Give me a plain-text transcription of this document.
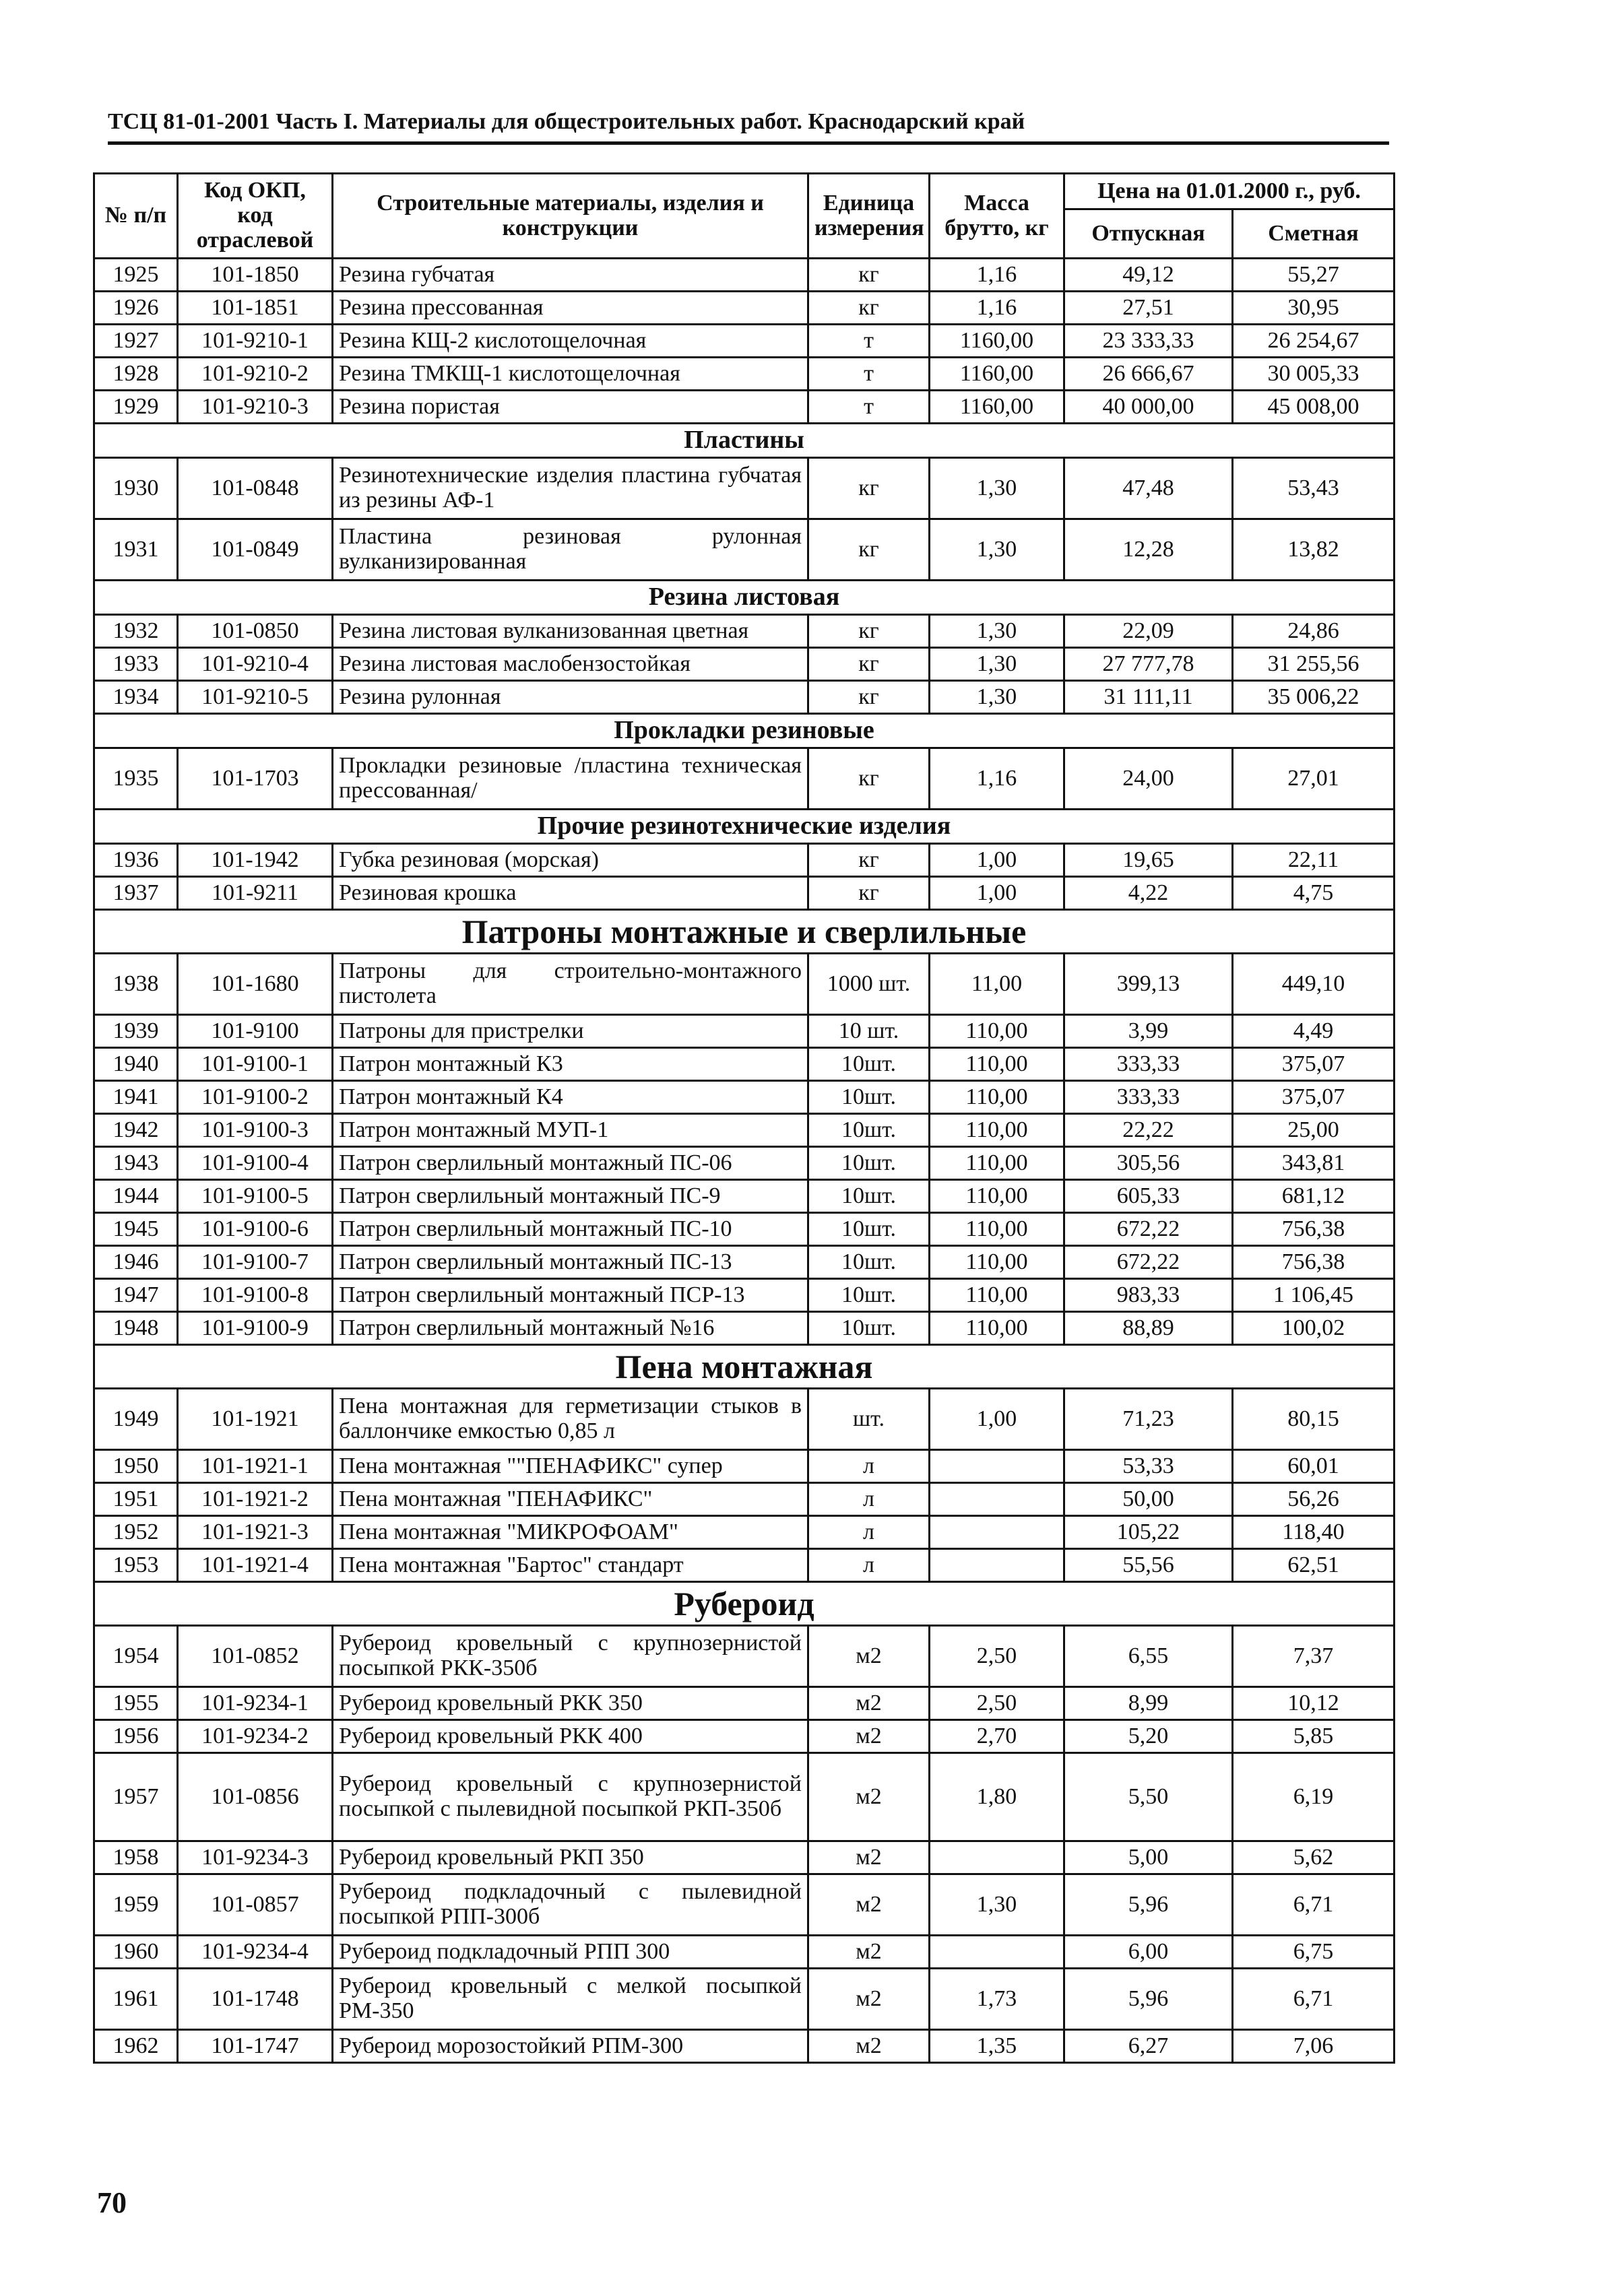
ТСЦ 81-01-2001 Часть I. Материалы для общестроительных работ. Краснодарский край
№ п/п	Код ОКП, код отраслевой	Строительные материалы, изделия и конструкции	Единица измерения	Масса брутто, кг	Цена на 01.01.2000 г., руб.	
					Отпускная	Сметная
1925	101-1850	Резина губчатая	кг	1,16	49,12	55,27
1926	101-1851	Резина прессованная	кг	1,16	27,51	30,95
1927	101-9210-1	Резина КЩ-2 кислотощелочная	т	1160,00	23 333,33	26 254,67
1928	101-9210-2	Резина ТМКЩ-1 кислотощелочная	т	1160,00	26 666,67	30 005,33
1929	101-9210-3	Резина пористая	т	1160,00	40 000,00	45 008,00
Пластины						
1930	101-0848	Резинотехнические изделия пластина губчатая из резины АФ-1	кг	1,30	47,48	53,43
1931	101-0849	Пластина резиновая рулонная вулканизированная	кг	1,30	12,28	13,82
Резина листовая						
1932	101-0850	Резина листовая вулканизованная цветная	кг	1,30	22,09	24,86
1933	101-9210-4	Резина листовая маслобензостойкая	кг	1,30	27 777,78	31 255,56
1934	101-9210-5	Резина рулонная	кг	1,30	31 111,11	35 006,22
Прокладки резиновые						
1935	101-1703	Прокладки резиновые /пластина техническая прессованная/	кг	1,16	24,00	27,01
Прочие резинотехнические изделия						
1936	101-1942	Губка резиновая (морская)	кг	1,00	19,65	22,11
1937	101-9211	Резиновая крошка	кг	1,00	4,22	4,75
Патроны монтажные и сверлильные						
1938	101-1680	Патроны для строительно-монтажного пистолета	1000 шт.	11,00	399,13	449,10
1939	101-9100	Патроны для пристрелки	10 шт.	110,00	3,99	4,49
1940	101-9100-1	Патрон монтажный К3	10шт.	110,00	333,33	375,07
1941	101-9100-2	Патрон монтажный К4	10шт.	110,00	333,33	375,07
1942	101-9100-3	Патрон монтажный МУП-1	10шт.	110,00	22,22	25,00
1943	101-9100-4	Патрон сверлильный монтажный ПС-06	10шт.	110,00	305,56	343,81
1944	101-9100-5	Патрон сверлильный монтажный ПС-9	10шт.	110,00	605,33	681,12
1945	101-9100-6	Патрон сверлильный монтажный ПС-10	10шт.	110,00	672,22	756,38
1946	101-9100-7	Патрон сверлильный монтажный ПС-13	10шт.	110,00	672,22	756,38
1947	101-9100-8	Патрон сверлильный монтажный ПСР-13	10шт.	110,00	983,33	1 106,45
1948	101-9100-9	Патрон сверлильный монтажный №16	10шт.	110,00	88,89	100,02
Пена монтажная						
1949	101-1921	Пена монтажная для герметизации стыков в баллончике емкостью 0,85 л	шт.	1,00	71,23	80,15
1950	101-1921-1	Пена монтажная ""ПЕНАФИКС" супер	л		53,33	60,01
1951	101-1921-2	Пена монтажная "ПЕНАФИКС"	л		50,00	56,26
1952	101-1921-3	Пена монтажная "МИКРОФОАМ"	л		105,22	118,40
1953	101-1921-4	Пена монтажная "Бартос" стандарт	л		55,56	62,51
Рубероид						
1954	101-0852	Рубероид кровельный с крупнозернистой посыпкой РКК-350б	м2	2,50	6,55	7,37
1955	101-9234-1	Рубероид кровельный РКК 350	м2	2,50	8,99	10,12
1956	101-9234-2	Рубероид кровельный РКК 400	м2	2,70	5,20	5,85
1957	101-0856	Рубероид кровельный с крупнозернистой посыпкой с пылевидной посыпкой РКП-350б	м2	1,80	5,50	6,19
1958	101-9234-3	Рубероид кровельный РКП 350	м2		5,00	5,62
1959	101-0857	Рубероид подкладочный с пылевидной посыпкой РПП-300б	м2	1,30	5,96	6,71
1960	101-9234-4	Рубероид подкладочный РПП 300	м2		6,00	6,75
1961	101-1748	Рубероид кровельный с мелкой посыпкой РМ-350	м2	1,73	5,96	6,71
1962	101-1747	Рубероид морозостойкий РПМ-300	м2	1,35	6,27	7,06
70
